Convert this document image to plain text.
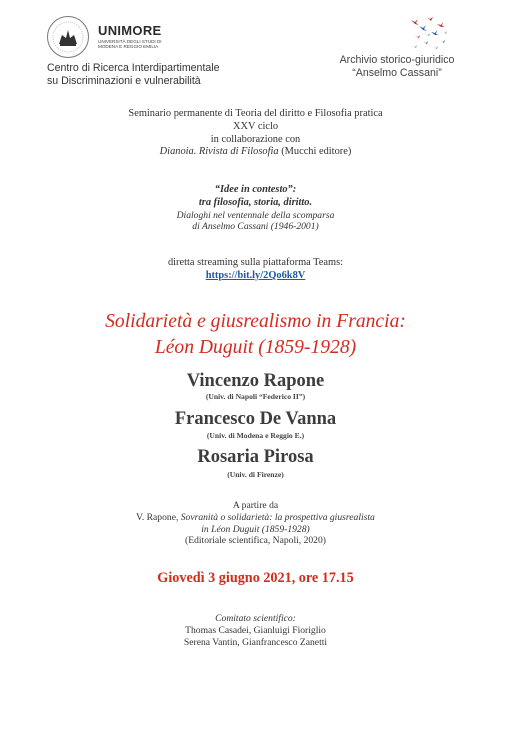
UNIMORE
UNIVERSITÀ DEGLI STUDI DI
MODENA E REGGIO EMILIA
Centro di Ricerca Interdipartimentale
su Discriminazioni e vulnerabilità
Archivio storico-giuridico
“Anselmo Cassani”
Seminario permanente di Teoria del diritto e Filosofia pratica
XXV ciclo
in collaborazione con
Dianoia. Rivista di Filosofia (Mucchi editore)
“Idee in contesto”:
tra filosofia, storia, diritto.
Dialoghi nel ventennale della scomparsa
di Anselmo Cassani (1946-2001)
diretta streaming sulla piattaforma Teams:
https://bit.ly/2Qo6k8V
Solidarietà e giusrealismo in Francia:
Léon Duguit (1859-1928)
Vincenzo Rapone
(Univ. di Napoli “Federico II”)
Francesco De Vanna
(Univ. di Modena e Reggio E.)
Rosaria Pirosa
(Univ. di Firenze)
A partire da
V. Rapone, Sovranità o solidarietà: la prospettiva giusrealista
in Léon Duguit (1859-1928)
(Editoriale scientifica, Napoli, 2020)
Giovedì 3 giugno 2021, ore 17.15
Comitato scientifico:
Thomas Casadei, Gianluigi Fioriglio
Serena Vantin, Gianfrancesco Zanetti
